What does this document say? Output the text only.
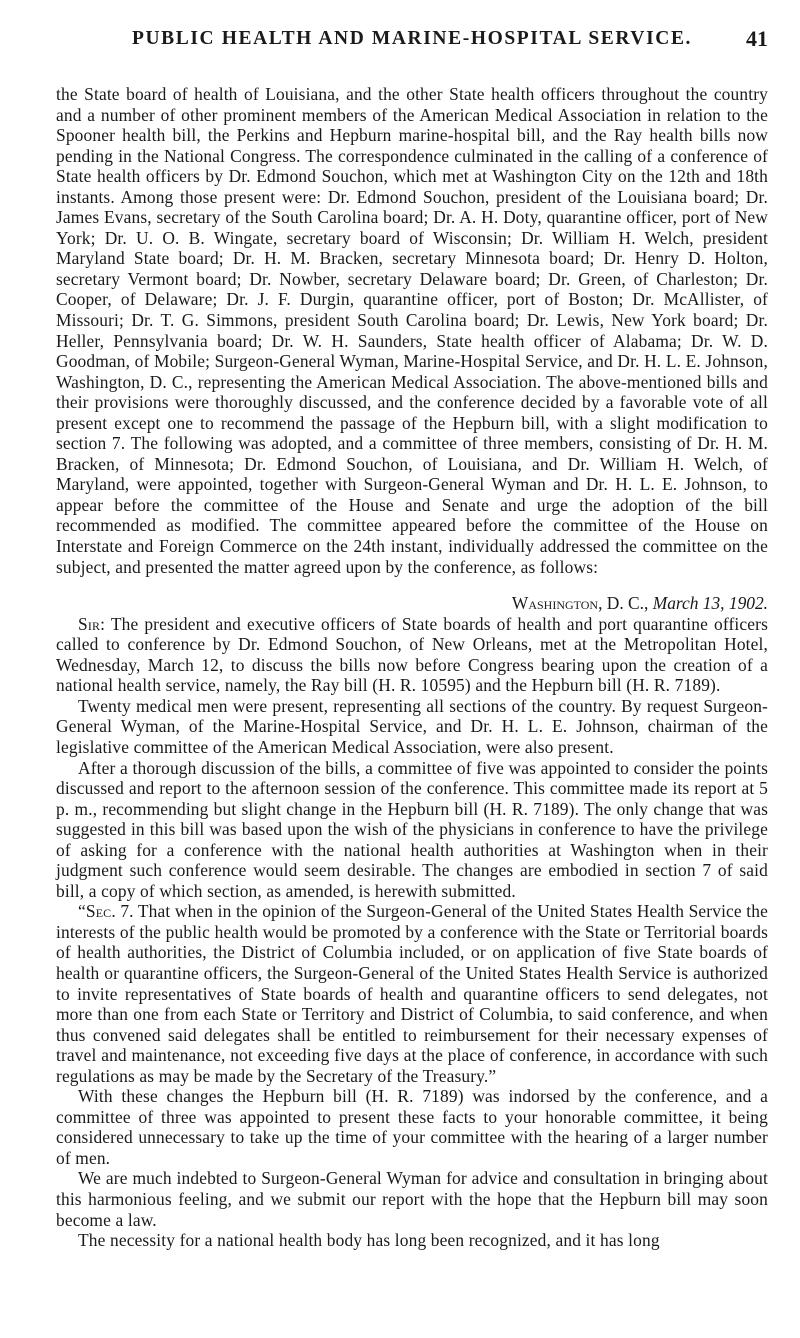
PUBLIC HEALTH AND MARINE-HOSPITAL SERVICE.	41

the State board of health of Louisiana, and the other State health officers throughout the country and a number of other prominent members of the American Medical Association in relation to the Spooner health bill, the Perkins and Hepburn marine-hospital bill, and the Ray health bills now pending in the National Congress. The correspondence culminated in the calling of a conference of State health officers by Dr. Edmond Souchon, which met at Washington City on the 12th and 18th instants. Among those present were: Dr. Edmond Souchon, president of the Louisiana board; Dr. James Evans, secretary of the South Carolina board; Dr. A. H. Doty, quarantine officer, port of New York; Dr. U. O. B. Wingate, secretary board of Wisconsin; Dr. William H. Welch, president Maryland State board; Dr. H. M. Bracken, secretary Minnesota board; Dr. Henry D. Holton, secretary Vermont board; Dr. Nowber, secretary Delaware board; Dr. Green, of Charleston; Dr. Cooper, of Delaware; Dr. J. F. Durgin, quarantine officer, port of Boston; Dr. McAllister, of Missouri; Dr. T. G. Simmons, president South Carolina board; Dr. Lewis, New York board; Dr. Heller, Pennsylvania board; Dr. W. H. Saunders, State health officer of Alabama; Dr. W. D. Goodman, of Mobile; Surgeon-General Wyman, Marine-Hospital Service, and Dr. H. L. E. Johnson, Washington, D. C., representing the American Medical Association. The above-mentioned bills and their provisions were thoroughly discussed, and the conference decided by a favorable vote of all present except one to recommend the passage of the Hepburn bill, with a slight modification to section 7. The following was adopted, and a committee of three members, consisting of Dr. H. M. Bracken, of Minnesota; Dr. Edmond Souchon, of Louisiana, and Dr. William H. Welch, of Maryland, were appointed, together with Surgeon-General Wyman and Dr. H. L. E. Johnson, to appear before the committee of the House and Senate and urge the adoption of the bill recommended as modified. The committee appeared before the committee of the House on Interstate and Foreign Commerce on the 24th instant, individually addressed the committee on the subject, and presented the matter agreed upon by the conference, as follows:

Washington, D. C., March 13, 1902.

Sir: The president and executive officers of State boards of health and port quarantine officers called to conference by Dr. Edmond Souchon, of New Orleans, met at the Metropolitan Hotel, Wednesday, March 12, to discuss the bills now before Congress bearing upon the creation of a national health service, namely, the Ray bill (H. R. 10595) and the Hepburn bill (H. R. 7189).

Twenty medical men were present, representing all sections of the country. By request Surgeon-General Wyman, of the Marine-Hospital Service, and Dr. H. L. E. Johnson, chairman of the legislative committee of the American Medical Association, were also present.

After a thorough discussion of the bills, a committee of five was appointed to consider the points discussed and report to the afternoon session of the conference. This committee made its report at 5 p. m., recommending but slight change in the Hepburn bill (H. R. 7189). The only change that was suggested in this bill was based upon the wish of the physicians in conference to have the privilege of asking for a conference with the national health authorities at Washington when in their judgment such conference would seem desirable. The changes are embodied in section 7 of said bill, a copy of which section, as amended, is herewith submitted.

“Sec. 7. That when in the opinion of the Surgeon-General of the United States Health Service the interests of the public health would be promoted by a conference with the State or Territorial boards of health authorities, the District of Columbia included, or on application of five State boards of health or quarantine officers, the Surgeon-General of the United States Health Service is authorized to invite representatives of State boards of health and quarantine officers to send delegates, not more than one from each State or Territory and District of Columbia, to said conference, and when thus convened said delegates shall be entitled to reimbursement for their necessary expenses of travel and maintenance, not exceeding five days at the place of conference, in accordance with such regulations as may be made by the Secretary of the Treasury.”

With these changes the Hepburn bill (H. R. 7189) was indorsed by the conference, and a committee of three was appointed to present these facts to your honorable committee, it being considered unnecessary to take up the time of your committee with the hearing of a larger number of men.

We are much indebted to Surgeon-General Wyman for advice and consultation in bringing about this harmonious feeling, and we submit our report with the hope that the Hepburn bill may soon become a law.

The necessity for a national health body has long been recognized, and it has long
